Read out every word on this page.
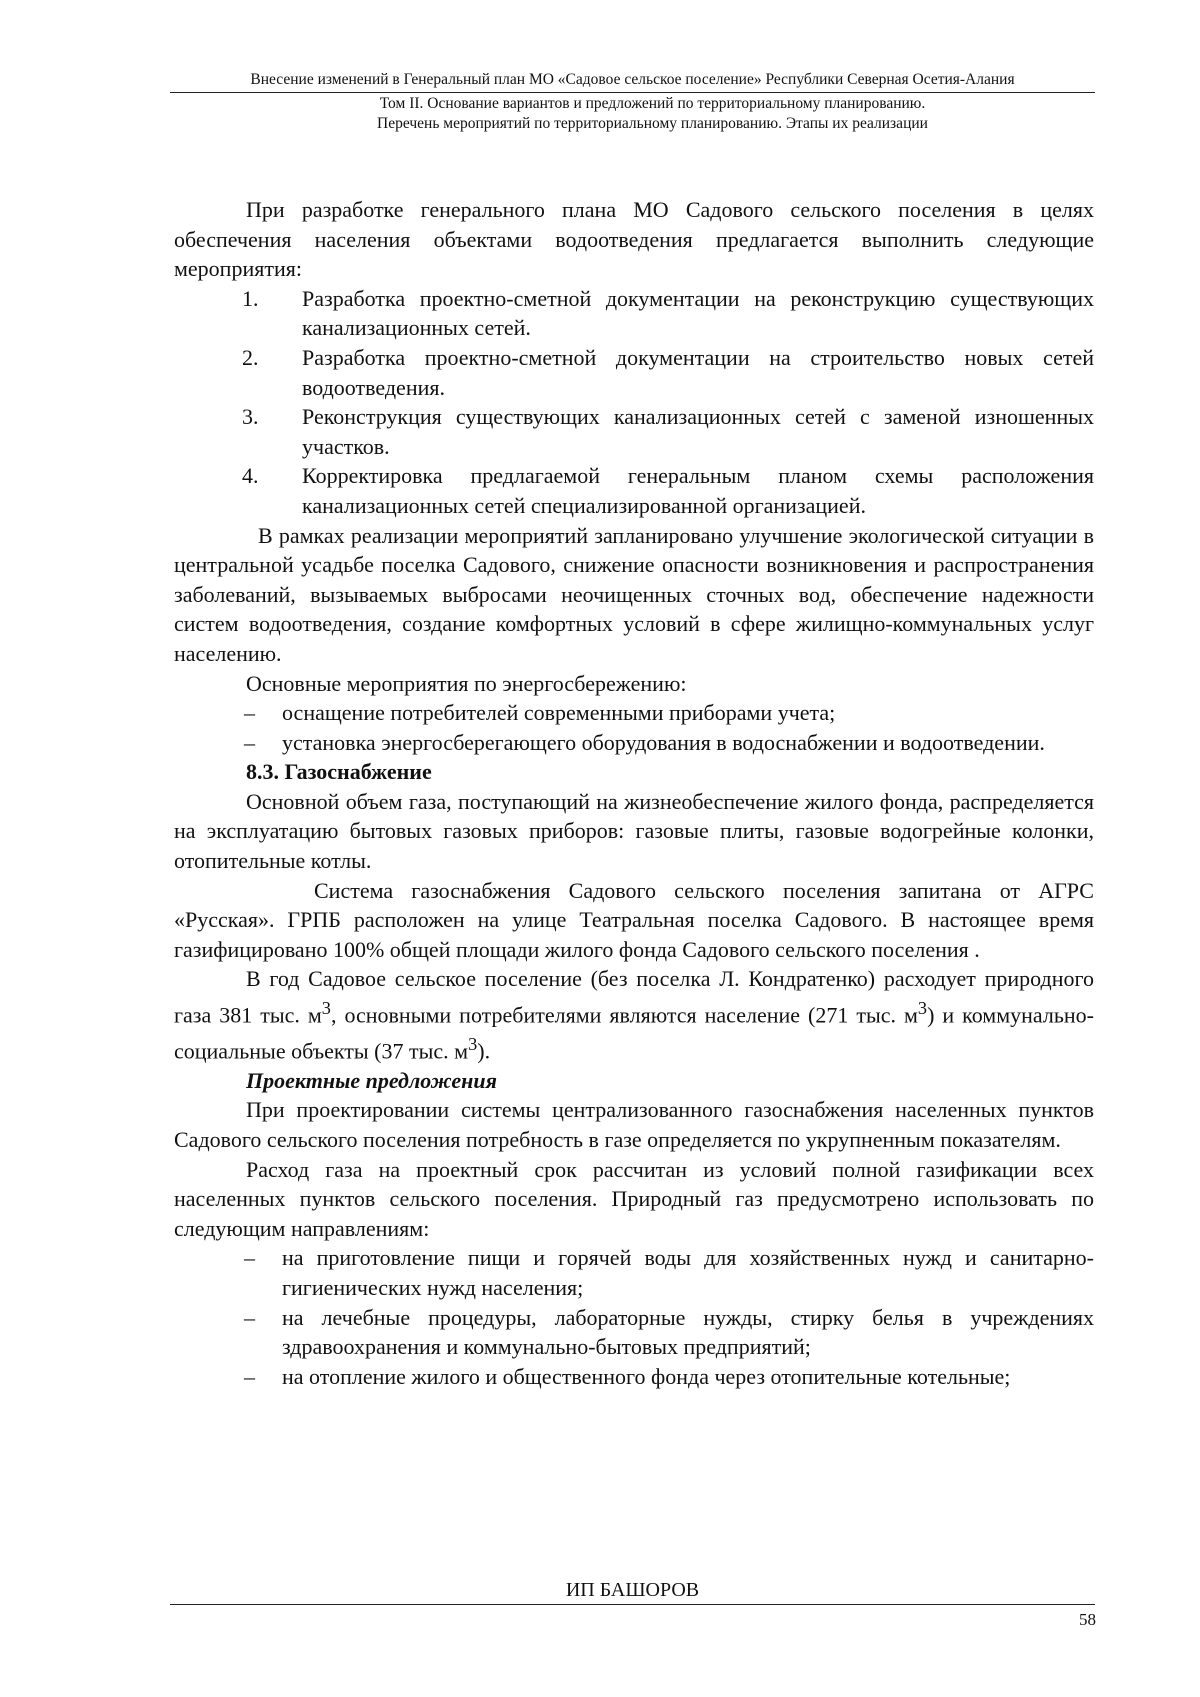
Внесение изменений в Генеральный план МО «Садовое сельское поселение» Республики Северная Осетия-Алания
Том II. Основание вариантов и предложений по территориальному планированию.
Перечень мероприятий по территориальному планированию. Этапы их реализации

При разработке генерального плана МО Садового сельского поселения в целях обеспечения населения объектами водоотведения предлагается выполнить следующие мероприятия:

1.	Разработка проектно-сметной документации на реконструкцию существующих канализационных сетей.
2.	Разработка проектно-сметной документации на строительство новых сетей водоотведения.
3.	Реконструкция существующих канализационных сетей с заменой изношенных участков.
4.	Корректировка предлагаемой генеральным планом схемы расположения канализационных сетей специализированной организацией.

В рамках реализации мероприятий запланировано улучшение экологической ситуации в центральной усадьбе поселка Садового, снижение опасности возникновения и распространения заболеваний, вызываемых выбросами неочищенных сточных вод, обеспечение надежности систем водоотведения, создание комфортных условий в сфере жилищно-коммунальных услуг населению.

Основные мероприятия по энергосбережению:

–	оснащение потребителей современными приборами учета;
–	установка энергосберегающего оборудования в водоснабжении и водоотведении.

8.3. Газоснабжение

Основной объем газа, поступающий на жизнеобеспечение жилого фонда, распределяется на эксплуатацию бытовых газовых приборов: газовые плиты, газовые водогрейные колонки, отопительные котлы.

Система газоснабжения Садового сельского поселения запитана от АГРС «Русская». ГРПБ расположен на улице Театральная поселка Садового. В настоящее время газифицировано 100% общей площади жилого фонда Садового сельского поселения .

В год Садовое сельское поселение (без поселка Л. Кондратенко) расходует природного газа 381 тыс. $м^3$, основными потребителями являются население (271 тыс. $м^3$) и коммунально-социальные объекты (37 тыс. $м^3$).

Проектные предложения

При проектировании системы централизованного газоснабжения населенных пунктов Садового сельского поселения потребность в газе определяется по укрупненным показателям.

Расход газа на проектный срок рассчитан из условий полной газификации всех населенных пунктов сельского поселения. Природный газ предусмотрено использовать по следующим направлениям:

–	на приготовление пищи и горячей воды для хозяйственных нужд и санитарно-гигиенических нужд населения;
–	на лечебные процедуры, лабораторные нужды, стирку белья в учреждениях здравоохранения и коммунально-бытовых предприятий;
–	на отопление жилого и общественного фонда через отопительные котельные;
ИП БАШОРОВ
58
